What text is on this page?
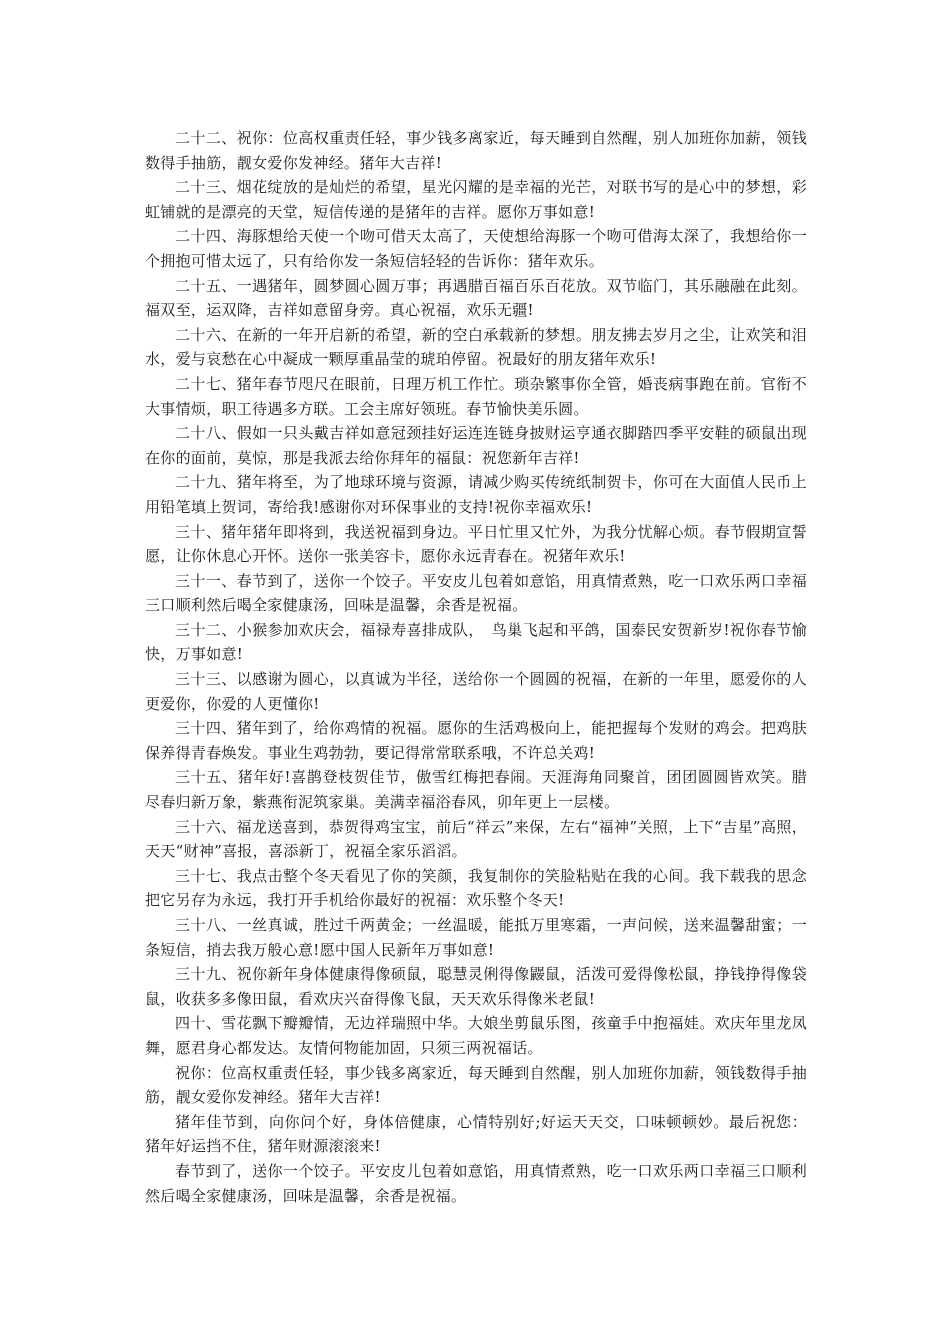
二十二、祝你：位高权重责任轻，事少钱多离家近，每天睡到自然醒，别人加班你加薪，领钱数得手抽筋，靓女爱你发神经。猪年大吉祥!

二十三、烟花绽放的是灿烂的希望，星光闪耀的是幸福的光芒，对联书写的是心中的梦想，彩虹铺就的是漂亮的天堂，短信传递的是猪年的吉祥。愿你万事如意!

二十四、海豚想给天使一个吻可借天太高了，天使想给海豚一个吻可借海太深了，我想给你一个拥抱可惜太远了，只有给你发一条短信轻轻的告诉你：猪年欢乐。

二十五、一遇猪年，圆梦圆心圆万事；再遇腊百福百乐百花放。双节临门，其乐融融在此刻。福双至，运双降，吉祥如意留身旁。真心祝福，欢乐无疆!

二十六、在新的一年开启新的希望，新的空白承载新的梦想。朋友拂去岁月之尘，让欢笑和泪水，爱与哀愁在心中凝成一颗厚重晶莹的琥珀停留。祝最好的朋友猪年欢乐!

二十七、猪年春节咫尺在眼前，日理万机工作忙。琐杂繁事你全管，婚丧病事跑在前。官衔不大事情烦，职工待遇多方联。工会主席好领班。春节愉快美乐圆。

二十八、假如一只头戴吉祥如意冠颈挂好运连连链身披财运亨通衣脚踏四季平安鞋的硕鼠出现在你的面前，莫惊，那是我派去给你拜年的福鼠：祝您新年吉祥!

二十九、猪年将至，为了地球环境与资源，请减少购买传统纸制贺卡，你可在大面值人民币上用铅笔填上贺词，寄给我!感谢你对环保事业的支持!祝你幸福欢乐!

三十、猪年猪年即将到，我送祝福到身边。平日忙里又忙外，为我分忧解心烦。春节假期宣誓愿，让你休息心开怀。送你一张美容卡，愿你永远青春在。祝猪年欢乐!

三十一、春节到了，送你一个饺子。平安皮儿包着如意馅，用真情煮熟，吃一口欢乐两口幸福三口顺利然后喝全家健康汤，回味是温馨，余香是祝福。

三十二、小猴参加欢庆会，福禄寿喜排成队，　鸟巢飞起和平鸽，国泰民安贺新岁!祝你春节愉快，万事如意!

三十三、以感谢为圆心，以真诚为半径，送给你一个圆圆的祝福，在新的一年里，愿爱你的人更爱你，你爱的人更懂你!

三十四、猪年到了，给你鸡情的祝福。愿你的生活鸡极向上，能把握每个发财的鸡会。把鸡肤保养得青春焕发。事业生鸡勃勃，要记得常常联系哦，不许总关鸡!

三十五、猪年好!喜鹊登枝贺佳节，傲雪红梅把春闹。天涯海角同聚首，团团圆圆皆欢笑。腊尽春归新万象，紫燕衔泥筑家巢。美满幸福浴春风，卯年更上一层楼。

三十六、福龙送喜到，恭贺得鸡宝宝，前后“祥云”来保，左右“福神”关照，上下“吉星”高照，天天“财神”喜报，喜添新丁，祝福全家乐滔滔。

三十七、我点击整个冬天看见了你的笑颜，我复制你的笑脸粘贴在我的心间。我下载我的思念把它另存为永远，我打开手机给你最好的祝福：欢乐整个冬天!

三十八、一丝真诚，胜过千两黄金；一丝温暖，能抵万里寒霜，一声问候，送来温馨甜蜜；一条短信，捎去我万般心意!愿中国人民新年万事如意!

三十九、祝你新年身体健康得像硕鼠，聪慧灵俐得像鼹鼠，活泼可爱得像松鼠，挣钱挣得像袋鼠，收获多多像田鼠，看欢庆兴奋得像飞鼠，天天欢乐得像米老鼠!

四十、雪花飘下瓣瓣情，无边祥瑞照中华。大娘坐剪鼠乐图，孩童手中抱福娃。欢庆年里龙凤舞，愿君身心都发达。友情何物能加固，只须三两祝福话。

祝你：位高权重责任轻，事少钱多离家近，每天睡到自然醒，别人加班你加薪，领钱数得手抽筋，靓女爱你发神经。猪年大吉祥!

猪年佳节到，向你问个好，身体倍健康，心情特别好;好运天天交，口味顿顿妙。最后祝您：猪年好运挡不住，猪年财源滚滚来!

春节到了，送你一个饺子。平安皮儿包着如意馅，用真情煮熟，吃一口欢乐两口幸福三口顺利然后喝全家健康汤，回味是温馨，余香是祝福。
